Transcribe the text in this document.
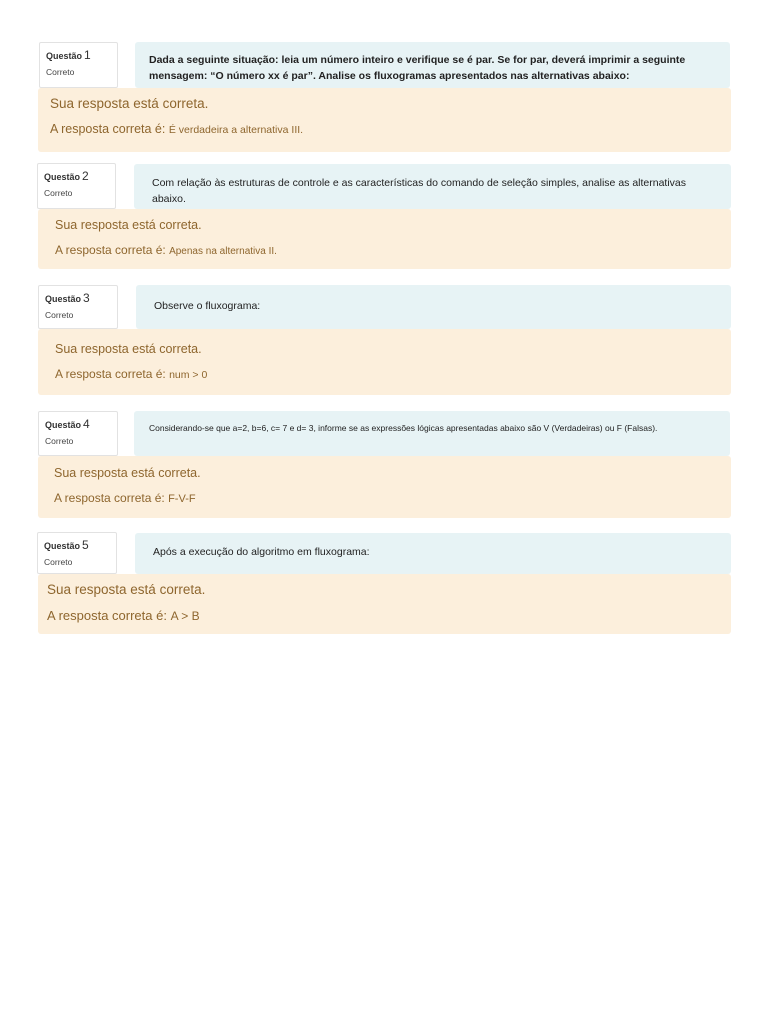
Questão 1
Correto
Dada a seguinte situação: leia um número inteiro e verifique se é par. Se for par, deverá imprimir a seguinte mensagem: “O número xx é par”. Analise os fluxogramas apresentados nas alternativas abaixo:
Sua resposta está correta.
A resposta correta é: É verdadeira a alternativa III.
Questão 2
Correto
Com relação às estruturas de controle e as características do comando de seleção simples, analise as alternativas abaixo.
Sua resposta está correta.
A resposta correta é: Apenas na alternativa II.
Questão 3
Correto
Observe o fluxograma:
Sua resposta está correta.
A resposta correta é: num > 0
Questão 4
Correto
Considerando-se que a=2, b=6, c= 7 e d= 3, informe se as expressões lógicas apresentadas abaixo são V (Verdadeiras) ou F (Falsas).
Sua resposta está correta.
A resposta correta é: F-V-F
Questão 5
Correto
Após a execução do algoritmo em fluxograma:
Sua resposta está correta.
A resposta correta é: A > B
